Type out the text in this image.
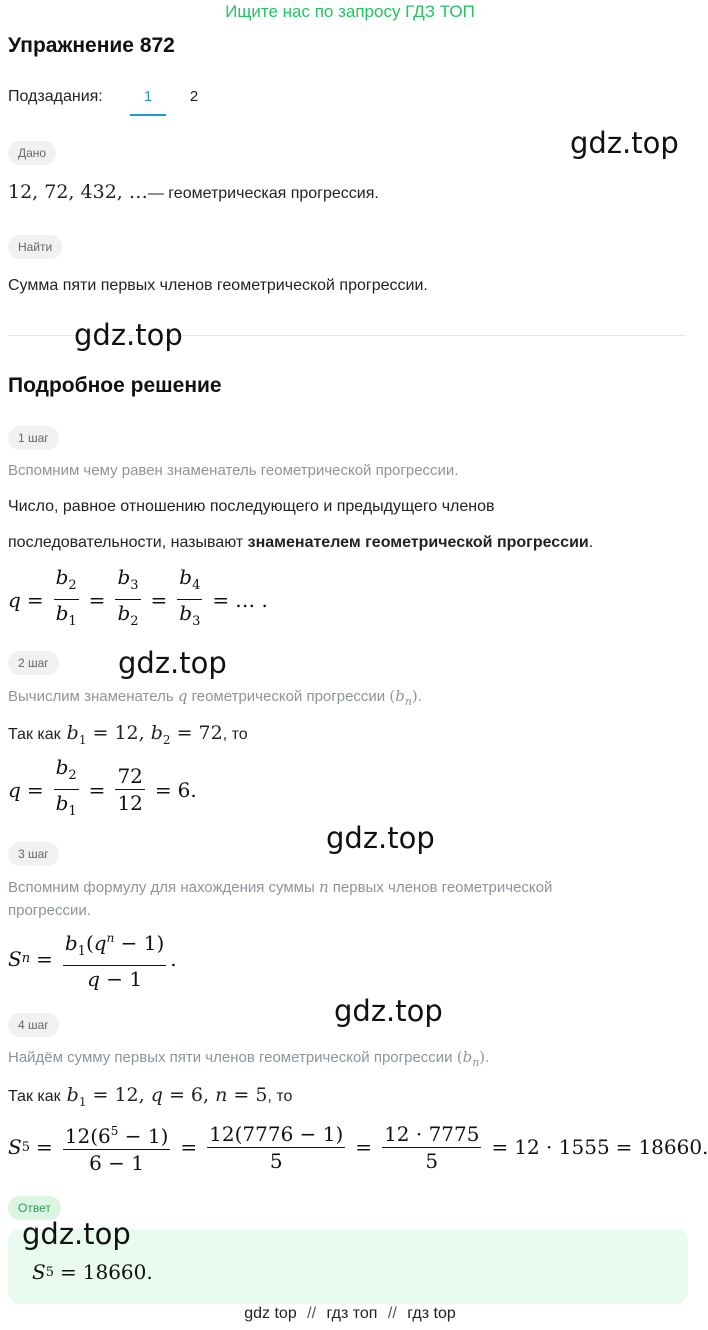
Ищите нас по запросу ГДЗ ТОП
Упражнение 872
Подзадания:	1	2
gdz.top
Дано
12, 72, 432, … — геометрическая прогрессия.
Найти
Сумма пяти первых членов геометрической прогрессии.
gdz.top
Подробное решение
1 шаг
Вспомним чему равен знаменатель геометрической прогрессии.
Число, равное отношению последующего и предыдущего членов
последовательности, называют знаменателем геометрической прогрессии.
$q = \frac{b_2}{b_1} = \frac{b_3}{b_2} = \frac{b_4}{b_3}$ = … .
2 шаг	gdz.top
Вычислим знаменатель q геометрической прогрессии $(b_n)$.
Так как $b_1 = 12$, $b_2 = 72$ , то
$q = \frac{b_2}{b_1} = \frac{72}{12} = 6$.
gdz.top
3 шаг
Вспомним формулу для нахождения суммы n первых членов геометрической
прогрессии.
S $n = \frac{b_1(q^n - 1)}{q - 1}$ .
gdz.top
4 шаг
Найдём сумму первых пяти членов геометрической прогрессии $(b_n)$.
Так как $b_1 = 12$, q = 6, n = 5 , то
S $5 = \frac{12(6^5 - 1)}{6 - 1} = \frac{12(7776 - 1)}{5} = \frac{12 \cdot 7775}{5} = 12 \cdot 1555 = 18660$.
Ответ
gdz.top
S 5 = 18660.
gdz top // гдз топ // гдз top
